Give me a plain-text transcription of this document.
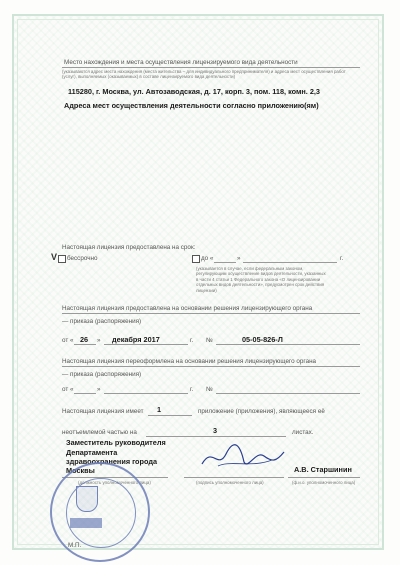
Место нахождения и места осуществления лицензируемого вида деятельности
(указываются адрес места нахождения (места жительства – для индивидуального предпринимателя) и адреса мест осуществления работ (услуг), выполняемых (оказываемых) в составе лицензируемого вида деятельности)
115280, г. Москва, ул. Автозаводская, д. 17, корп. 3, пом. 118, комн. 2,3
Адреса мест осуществления деятельности согласно приложению(ям)
Настоящая лицензия предоставлена на срок:
V бессрочно	до «	»	г.
(указывается в случае, если федеральным законом, регулирующим осуществление видов деятельности, указанных в части 4 статьи 1 Федерального закона «О лицензировании отдельных видов деятельности», предусмотрен срок действия лицензии)
Настоящая лицензия предоставлена на основании решения лицензирующего органа
— приказа (распоряжения)
от « 26 » декабря 2017	г. №	05-05-826-Л
Настоящая лицензия переоформлена на основании решения лицензирующего органа
— приказа (распоряжения)
от «	»	г. №
Настоящая лицензия имеет 1	приложение (приложения), являющееся её
неотъемлемой частью на	3	листах.
Заместитель руководителя
Департамента
здравоохранения города
Москвы
(должность уполномоченного лица)	(подпись уполномоченного лица)
А.В. Старшинин
(ф.и.о. уполномоченного лица)
М.П.
